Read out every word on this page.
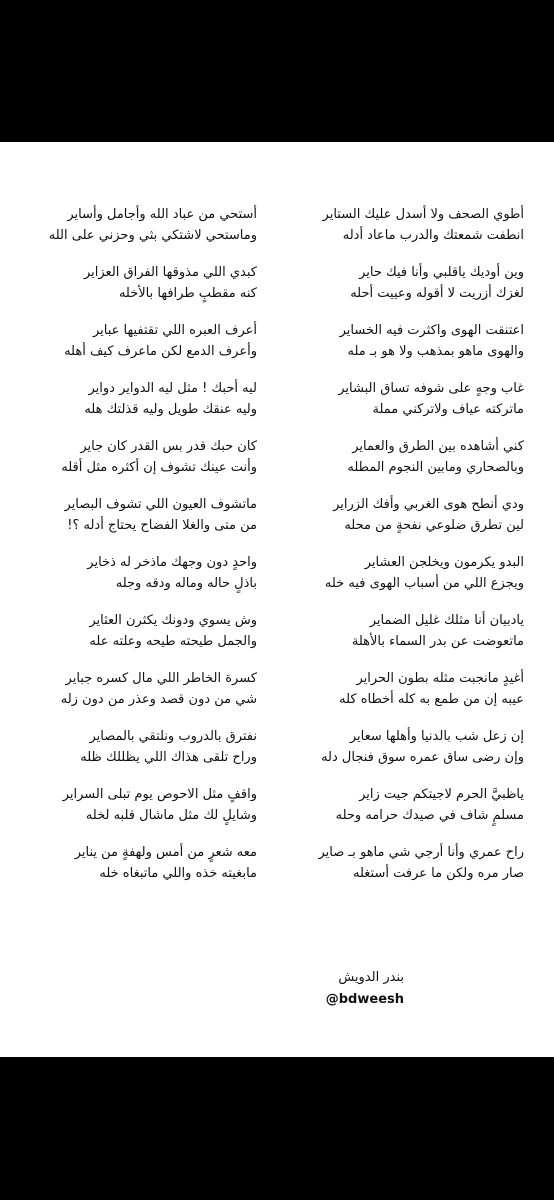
أطوي الصحف ولا أسدل عليك الستاير
انطفت شمعتك والدرب ماعاد أدله
وين أوديك ياقلبي وأنا فيك حاير
لغزك أزريت لا أقوله وعييت أحله
اعتنقت الهوى واكثرت فيه الخساير
والهوى ماهو بمذهب ولا هو بـ مله
غاب وجهٍ على شوفه تساق البشاير
ماتركته عياف ولاتركني مملة
كني أشاهده بين الطرق والعماير
وبالصحاري ومابين النجوم المطله
ودي أنطح هوى الغربي وأفك الزراير
لين تطرق ضلوعي نفحةٍ من محله
البدو يكرمون ويخلجن العشاير
ويجزع اللي من أسباب الهوى فيه خله
يادبيان أنا مثلك غليل الضماير
ماتعوضت عن بدر السماء بالأهلة
أغيدٍ مانجبت مثله بطون الحراير
عيبه إن من طمع به كله أخطاه كله
إن زعل شب بالدنيا وأهلها سعاير
وإن رضى ساق عمره سوق فنجال دله
ياظبيَّ الحرم لاجيتكم جيت زاير
مسلمٍ شاف في صيدك حرامه وحله
راح عمري وأنا أرجي شي ماهو بـ صاير
صار مره ولكن ما عرفت أستغله
أستحي من عباد الله وأجامل وأساير
وماستحي لاشتكي بثي وحزني على الله
كبدي اللي مذوقها الفراق العزاير
كنه مقطبٍ طرافها بالأخله
أعرف العبره اللي تقتفيها عباير
وأعرف الدمع لكن ماعرف كيف أهله
ليه أحبك ! مثل ليه الدواير دواير
وليه عنقك طويل وليه قذلتك هله
كان حبك قدر بس القدر كان جاير
وأنت عينك تشوف إن أكثره مثل أقله
ماتشوف العيون اللي تشوف البصاير
من متى والغلا الفضاح يحتاج أدله ؟!
واحدٍ دون وجهك ماذخر له ذخاير
باذلٍ حاله وماله ودقه وجله
وش يسوي ودونك يكثرن العثاير
والجمل طيحته طيحه وعلته عله
كسرة الخاطر اللي مال كسره جباير
شي من دون قصد وعذر من دون زله
نفترق بالدروب ونلتقي بالمصاير
وراح تلقى هذاك اللي يظللك ظله
واقفٍ مثل الاحوص يوم تبلى السراير
وشايلٍ لك مثل ماشال قلبه لخله
معه شعرٍ من أمس ولهفةٍ من يناير
مابغيته خذه واللي ماتبغاه خله
بندر الدويش
@bdweesh
